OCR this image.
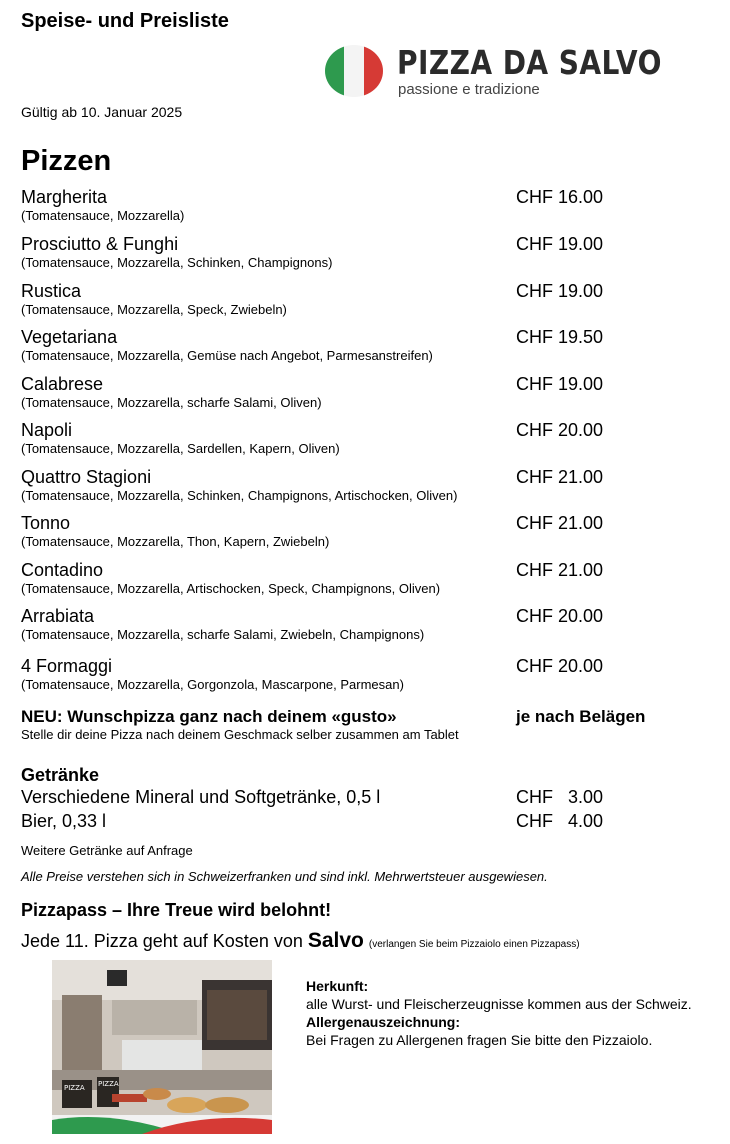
Speise- und Preisliste
PIZZA DA SALVO
passione e tradizione
Gültig ab 10. Januar 2025
Pizzen
Margherita
(Tomatensauce, Mozzarella)
CHF 16.00
Prosciutto & Funghi
(Tomatensauce, Mozzarella, Schinken, Champignons)
CHF 19.00
Rustica
(Tomatensauce, Mozzarella, Speck, Zwiebeln)
CHF 19.00
Vegetariana
(Tomatensauce, Mozzarella, Gemüse nach Angebot, Parmesanstreifen)
CHF 19.50
Calabrese
(Tomatensauce, Mozzarella, scharfe Salami, Oliven)
CHF 19.00
Napoli
(Tomatensauce, Mozzarella, Sardellen, Kapern, Oliven)
CHF 20.00
Quattro Stagioni
(Tomatensauce, Mozzarella, Schinken, Champignons, Artischocken, Oliven)
CHF 21.00
Tonno
(Tomatensauce, Mozzarella, Thon, Kapern, Zwiebeln)
CHF 21.00
Contadino
(Tomatensauce, Mozzarella, Artischocken, Speck, Champignons, Oliven)
CHF 21.00
Arrabiata
(Tomatensauce, Mozzarella, scharfe Salami, Zwiebeln, Champignons)
CHF 20.00
4 Formaggi
(Tomatensauce, Mozzarella, Gorgonzola, Mascarpone, Parmesan)
CHF 20.00
NEU: Wunschpizza ganz nach deinem «gusto»
Stelle dir deine Pizza nach deinem Geschmack selber zusammen am Tablet
je nach Belägen
Getränke
Verschiedene Mineral und Softgetränke, 0,5 l	CHF 3.00
Bier, 0,33 l	CHF 4.00
Weitere Getränke auf Anfrage
Alle Preise verstehen sich in Schweizerfranken und sind inkl. Mehrwertsteuer ausgewiesen.
Pizzapass – Ihre Treue wird belohnt!
Jede 11. Pizza geht auf Kosten von Salvo (verlangen Sie beim Pizzaiolo einen Pizzapass)
PIZZA PIZZA
Herkunft:
alle Wurst- und Fleischerzeugnisse kommen aus der Schweiz.
Allergenauszeichnung:
Bei Fragen zu Allergenen fragen Sie bitte den Pizzaiolo.
